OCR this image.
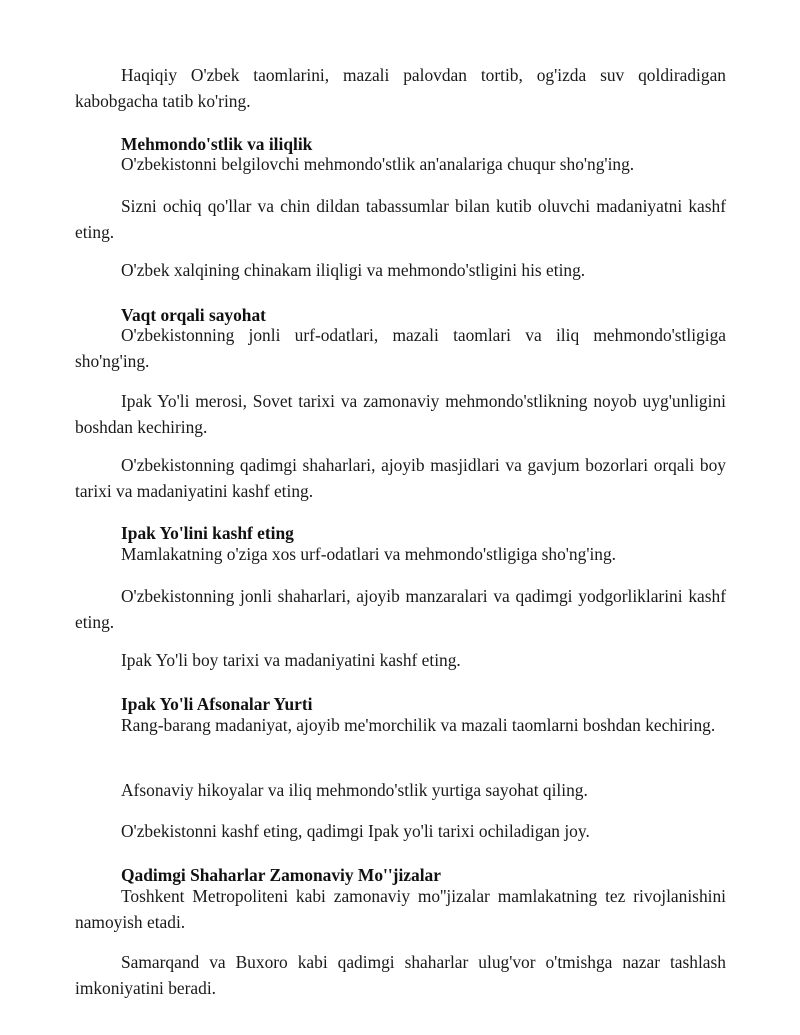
Haqiqiy O'zbek taomlarini, mazali palovdan tortib, og'izda suv qoldiradigan kabobgacha tatib ko'ring.

Mehmondo'stlik va iliqlik

O'zbekistonni belgilovchi mehmondo'stlik an'analariga chuqur sho'ng'ing.

Sizni ochiq qo'llar va chin dildan tabassumlar bilan kutib oluvchi madaniyatni kashf eting.

O'zbek xalqining chinakam iliqligi va mehmondo'stligini his eting.

Vaqt orqali sayohat

O'zbekistonning jonli urf-odatlari, mazali taomlari va iliq mehmondo'stligiga sho'ng'ing.

Ipak Yo'li merosi, Sovet tarixi va zamonaviy mehmondo'stlikning noyob uyg'unligini boshdan kechiring.

O'zbekistonning qadimgi shaharlari, ajoyib masjidlari va gavjum bozorlari orqali boy tarixi va madaniyatini kashf eting.

Ipak Yo'lini kashf eting

Mamlakatning o'ziga xos urf-odatlari va mehmondo'stligiga sho'ng'ing.

O'zbekistonning jonli shaharlari, ajoyib manzaralari va qadimgi yodgorliklarini kashf eting.

Ipak Yo'li boy tarixi va madaniyatini kashf eting.

Ipak Yo'li Afsonalar Yurti

Rang-barang madaniyat, ajoyib me'morchilik va mazali taomlarni boshdan kechiring.

Afsonaviy hikoyalar va iliq mehmondo'stlik yurtiga sayohat qiling.

O'zbekistonni kashf eting, qadimgi Ipak yo'li tarixi ochiladigan joy.

Qadimgi Shaharlar Zamonaviy Mo''jizalar

Toshkent Metropoliteni kabi zamonaviy mo''jizalar mamlakatning tez rivojlanishini namoyish etadi.

Samarqand va Buxoro kabi qadimgi shaharlar ulug'vor o'tmishga nazar tashlash imkoniyatini beradi.
